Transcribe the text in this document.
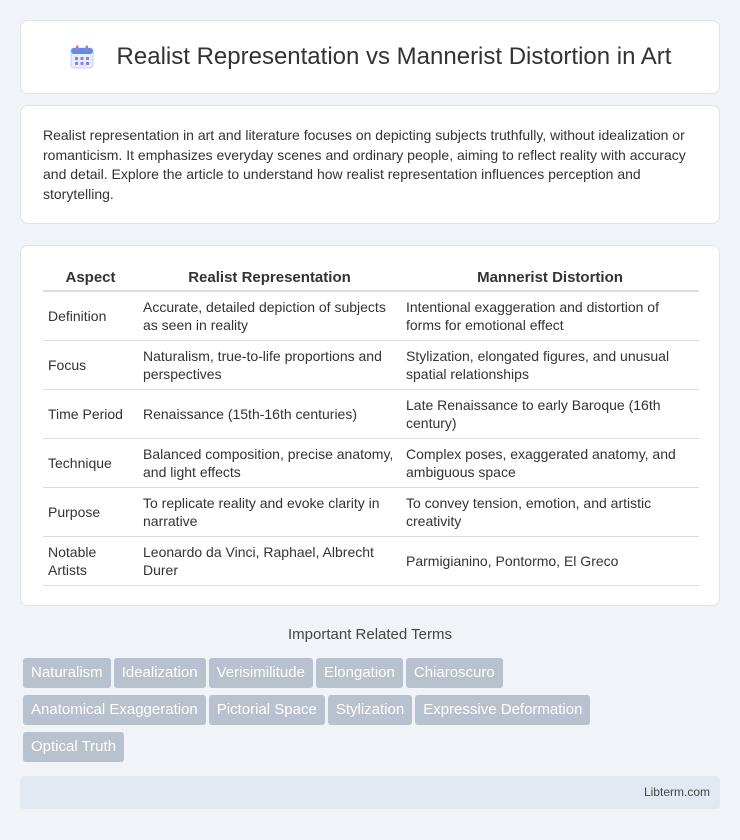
Realist Representation vs Mannerist Distortion in Art

Realist representation in art and literature focuses on depicting subjects truthfully, without idealization or romanticism. It emphasizes everyday scenes and ordinary people, aiming to reflect reality with accuracy and detail. Explore the article to understand how realist representation influences perception and storytelling.

Aspect	Realist Representation	Mannerist Distortion
Definition	Accurate, detailed depiction of subjects as seen in reality	Intentional exaggeration and distortion of forms for emotional effect
Focus	Naturalism, true-to-life proportions and perspectives	Stylization, elongated figures, and unusual spatial relationships
Time Period	Renaissance (15th-16th centuries)	Late Renaissance to early Baroque (16th century)
Technique	Balanced composition, precise anatomy, and light effects	Complex poses, exaggerated anatomy, and ambiguous space
Purpose	To replicate reality and evoke clarity in narrative	To convey tension, emotion, and artistic creativity
Notable Artists	Leonardo da Vinci, Raphael, Albrecht Durer	Parmigianino, Pontormo, El Greco
Important Related Terms
Naturalism	Idealization	Verisimilitude	Elongation	Chiaroscuro
Anatomical Exaggeration	Pictorial Space	Stylization	Expressive Deformation
Optical Truth
Libterm.com
